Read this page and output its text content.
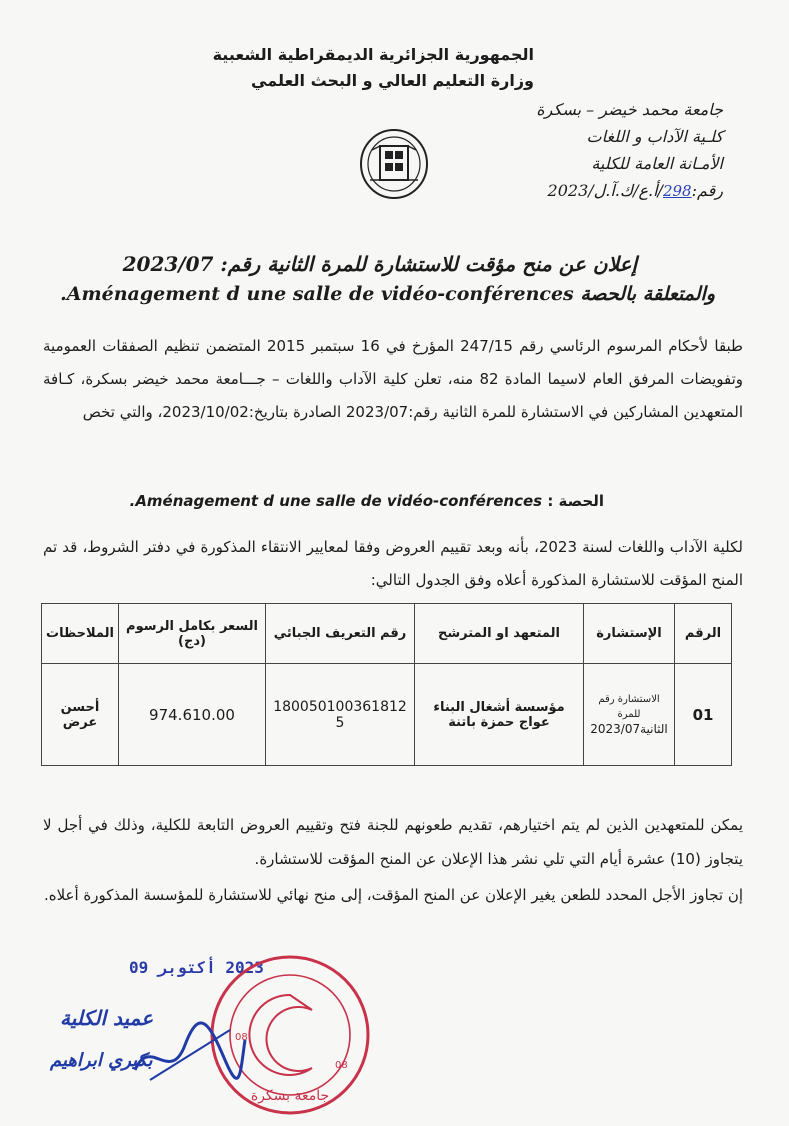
الجمهورية الجزائرية الديمقراطية الشعبية
وزارة التعليم العالي و البحث العلمي
جامعة محمد خيضر – بسكرة
كلـية الآداب و اللغات
الأمـانة العامة للكلية
رقم:298/أ.ع/ك.آ.ل/2023
إعلان عن منح مؤقت للاستشارة للمرة الثانية رقم: 2023/07
والمتعلقة بالحصة Aménagement d une salle de vidéo-conférences.
طبقا لأحكام المرسوم الرئاسي رقم 247/15 المؤرخ في 16 سبتمبر 2015 المتضمن تنظيم الصفقات العمومية وتفويضات المرفق العام لاسيما المادة 82 منه، تعلن كلية الآداب واللغات – جـــامعة محمد خيضر بسكرة، كـافة المتعهدين المشاركين في الاستشارة للمرة الثانية رقم:2023/07 الصادرة بتاريخ:2023/10/02، والتي تخص
الحصة : Aménagement d une salle de vidéo-conférences.
لكلية الآداب واللغات لسنة 2023، بأنه وبعد تقييم العروض وفقا لمعايير الانتقاء المذكورة في دفتر الشروط، قد تم المنح المؤقت للاستشارة المذكورة أعلاه وفق الجدول التالي:
الرقم	الإستشارة	المتعهد او المترشح	رقم التعريف الجبائي	السعر بكامل الرسوم (دج)	الملاحظات
01	الاستشارة رقم
للمرة
الثانية2023/07	مؤسسة أشغال البناء عواج حمزة باتنة	180050100361812​5	974.610.00	أحسن عرض
يمكن للمتعهدين الذين لم يتم اختيارهم، تقديم طعونهم للجنة فتح وتقييم العروض التابعة للكلية، وذلك في أجل لا يتجاوز (10) عشرة أيام التي تلي نشر هذا الإعلان عن المنح المؤقت للاستشارة.
إن تجاوز الأجل المحدد للطعن يغير الإعلان عن المنح المؤقت، إلى منح نهائي للاستشارة للمؤسسة المذكورة أعلاه.
2023 أكتوبر 09
جامعة بسكرة
08
08
عميد الكلية
بكيري ابراهيم
